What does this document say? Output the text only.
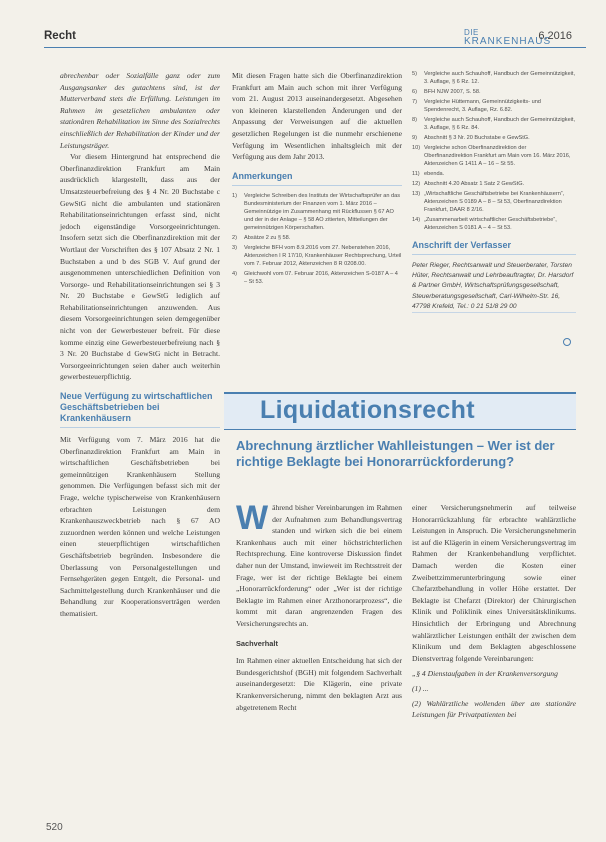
Recht	DIE
KRANKENHAUS
6.2016

abrechenbar oder Sozialfälle ganz oder zum Ausgangsanker des gutachtens sind, ist der Mutterverband stets die Erfüllung. Leistungen im Rahmen im gesetzlichen ambulanten oder stationären Rehabilitation im Sinne des Sozialrechts einschließlich der Rehabilitation der Kinder und der Leistungsträger.

Vor diesem Hintergrund hat entsprechend die Oberfinanzdirektion Frankfurt am Main ausdrücklich klargestellt, dass aus der Umsatzsteuerbefreiung des § 4 Nr. 20 Buchstabe c GewStG nicht die ambulanten und stationären Rehabilitationseinrichtungen erfasst sind, nicht jedoch eigenständige Vorsorgeeinrichtungen. Insofern setzt sich die Oberfinanzdirektion mit der Wortlaut der Vorschriften des § 107 Absatz 2 Nr. 1 Buchstaben a und b des SGB V. Auf grund der ausgenommenen unterschiedlichen Definition von Vorsorge- und Rehabilitationseinrichtungen sei § 3 Nr. 20 Buchstabe e GewStG lediglich auf Rehabilitationseinrichtungen anzuwenden. Aus diesem Vorsorgeeinrichtungen seien demgegenüber nicht von der Gewerbesteuer befreit. Für diese komme einzig eine Gewerbesteuerbefreiung nach § 3 Nr. 20 Buchstabe d GewStG nicht in Betracht. Vorsorgeeinrichtungen seien daher auch weiterhin gewerbesteuerpflichtig.

Neue Verfügung zu wirtschaftlichen Geschäftsbetrieben bei Krankenhäusern

Mit Verfügung vom 7. März 2016 hat die Oberfinanzdirektion Frankfurt am Main in wirtschaftlichen Geschäftsbetrieben bei gemeinnützigen Krankenhäusern Stellung genommen. Die Verfügungen befasst sich mit der Frage, welche typischerweise von Krankenhäusern erbrachten Leistungen dem Krankenhauszweckbetrieb nach § 67 AO zuzuordnen werden können und welche Leistungen einen steuerpflichtigen wirtschaftlichen Geschäftsbetrieb begründen. Insbesondere die Überlassung von Personalgestellungen und Fernsehgeräten gegen Entgelt, die Personal- und Sachmittelgestellung durch Krankenhäuser und die Behandlung zur Kooperationsverträgen werden thematisiert.

Mit diesen Fragen hatte sich die Oberfinanzdirektion Frankfurt am Main auch schon mit ihrer Verfügung vom 21. August 2013 auseinandergesetzt. Abgesehen von kleineren klarstellenden Änderungen und der Anpassung der Verweisungen auf die aktuellen gesetzlichen Regelungen ist die nunmehr erschienene Verfügung im Wesentlichen inhaltsgleich mit der Verfügung aus dem Jahr 2013.

Anmerkungen
1)	Vergleiche Schreiben des Instituts der Wirtschaftsprüfer an das Bundesministerium der Finanzen vom 1. März 2016 – Gemeinnützige im Zusammenhang mit Rückflussen § 67 AO und der in der Anlage – § 58 AO zitierten, Mitteilungen der gemeinnützigen Körperschaften.
2)	Absätze 2 zu § 58.
3)	Vergleiche BFH vom 8.9.2016 vom 27. Nebenstehen 2016, Aktenzeichen I R 17/10, Krankenhäuser Rechtsprechung, Urteil vom 7. Februar 2012, Aktenzeichen 8 R 0208.00.
4)	Gleichwohl vom 07. Februar 2016, Aktenzeichen S-0187 A – 4 – St 53.
5)	Vergleiche auch Schauhoff, Handbuch der Gemeinnützigkeit, 3. Auflage, § 6 Rz. 12.
6)	BFH NJW 2007, S. 58.
7)	Vergleiche Hüttemann, Gemeinnützigkeits- und Spendenrecht, 3. Auflage, Rz. 6.82.
8)	Vergleiche auch Schauhoff, Handbuch der Gemeinnützigkeit, 3. Auflage, § 6 Rz. 84.
9)	Abschnitt § 3 Nr. 20 Buchstabe e GewStG.
10) Vergleiche schon Oberfinanzdirektion der Oberfinanzdirektion Frankfurt am Main vom 16. März 2016, Aktenzeichen G 1411 A – 16 – St 55.
11) ebenda.
12) Abschnitt 4.20 Absatz 1 Satz 2 GewStG.
13) „Wirtschaftliche Geschäftsbetriebe bei Krankenhäusern“, Aktenzeichen S 0189 A – 8 – St 53, Oberfinanzdirektion Frankfurt, DAAR 8 2/16.
14) „Zusammenarbeit wirtschaftlicher Geschäftsbetriebe“, Aktenzeichen S 0181 A – 4 – St 53.
Anschrift der Verfasser
Peter Rieger, Rechtsanwalt und Steuerberater, Torsten Hüter, Rechtsanwalt und Lehrbeauftragter, Dr. Harsdorf & Partner GmbH, Wirtschaftsprüfungsgesellschaft, Steuerberatungsgesellschaft, Carl-Wilhelm-Str. 16, 47798 Krefeld, Tel.: 0 21 51/8 29 00
Liquidationsrecht
Abrechnung ärztlicher Wahlleistungen – Wer ist der richtige Beklagte bei Honorarrückforderung?

Während bisher Vereinbarungen im Rahmen der Aufnahmen zum Behandlungsvertrag standen und wirken sich die bei einem Krankenhaus auch mit einer höchstrichterlichen Rechtsprechung. Eine kontroverse Diskussion findet daher nun der Umstand, inwieweit im Rechtsstreit der Frage, wer ist der richtige Beklagte bei einem „Honorarrückforderung“ oder „Wer ist der richtige Beklagte im Rahmen einer Arzthonorarprozess“, die kommt mit daran angrenzenden Fragen des Versicherungsrechts an.

Sachverhalt

Im Rahmen einer aktuellen Entscheidung hat sich der Bundesgerichtshof (BGH) mit folgendem Sachverhalt auseinandergesetzt: Die Klägerin, eine private Krankenversicherung, nimmt den beklagten Arzt aus abgetretenem Recht

einer Versicherungsnehmerin auf teilweise Honorarrückzahlung für erbrachte wahlärztliche Leistungen in Anspruch. Die Versicherungsnehmerin ist auf die Klägerin in einem Versicherungsvertrag im Rahmen der Krankenbehandlung verpflichtet. Damach werden die Kosten einer Zweibettzimmerunterbringung sowie einer Chefarztbehandlung in voller Höhe erstattet. Der Beklagte ist Chefarzt (Direktor) der Chirurgischen Klinik und Poliklinik eines Universitätsklinikums. Hinsichtlich der Erbringung und Abrechnung wahlärztlicher Leistungen enthält der zwischen dem Klinikum und dem Beklagten abgeschlossene Dienstvertrag folgende Vereinbarungen:

„§ 4 Dienstaufgaben in der Krankenversorgung

(1) ...

(2) Wahlärztliche wollenden über am stationäre Leistungen für Privatpatienten bei

520
